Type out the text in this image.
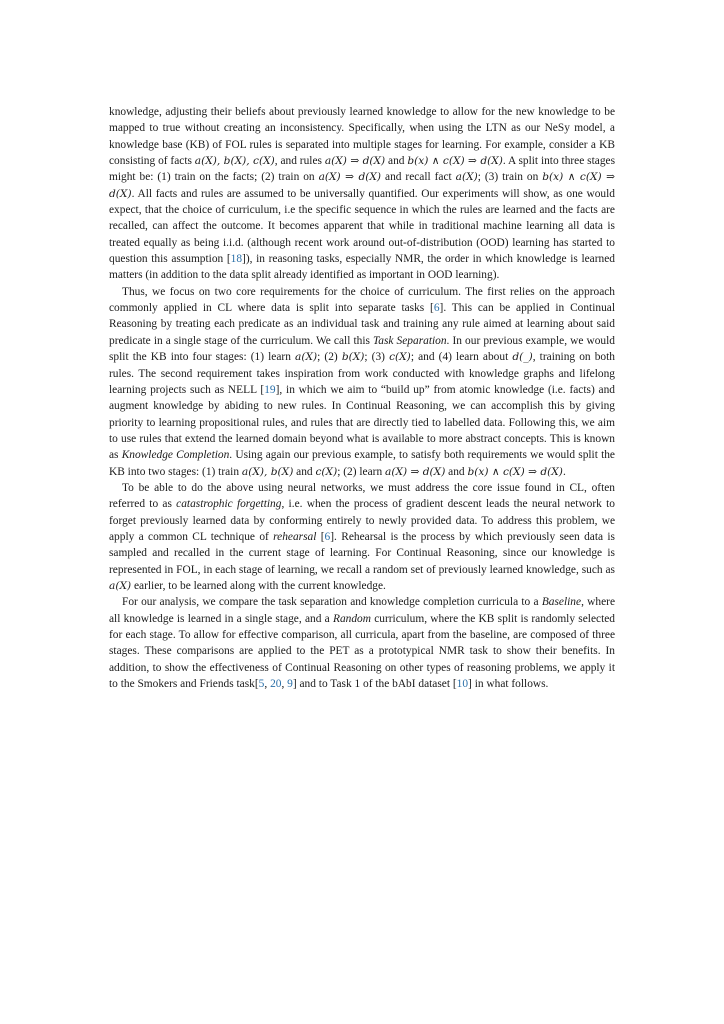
knowledge, adjusting their beliefs about previously learned knowledge to allow for the new knowledge to be mapped to true without creating an inconsistency. Specifically, when using the LTN as our NeSy model, a knowledge base (KB) of FOL rules is separated into multiple stages for learning. For example, consider a KB consisting of facts a(X), b(X), c(X), and rules a(X) ⇒ d(X) and b(x) ∧ c(X) ⇒ d(X). A split into three stages might be: (1) train on the facts; (2) train on a(X) ⇒ d(X) and recall fact a(X); (3) train on b(x) ∧ c(X) ⇒ d(X). All facts and rules are assumed to be universally quantified. Our experiments will show, as one would expect, that the choice of curriculum, i.e the specific sequence in which the rules are learned and the facts are recalled, can affect the outcome. It becomes apparent that while in traditional machine learning all data is treated equally as being i.i.d. (although recent work around out-of-distribution (OOD) learning has started to question this assumption [18]), in reasoning tasks, especially NMR, the order in which knowledge is learned matters (in addition to the data split already identified as important in OOD learning).

Thus, we focus on two core requirements for the choice of curriculum. The first relies on the approach commonly applied in CL where data is split into separate tasks [6]. This can be applied in Continual Reasoning by treating each predicate as an individual task and training any rule aimed at learning about said predicate in a single stage of the curriculum. We call this Task Separation. In our previous example, we would split the KB into four stages: (1) learn a(X); (2) b(X); (3) c(X); and (4) learn about d(_), training on both rules. The second requirement takes inspiration from work conducted with knowledge graphs and lifelong learning projects such as NELL [19], in which we aim to “build up” from atomic knowledge (i.e. facts) and augment knowledge by abiding to new rules. In Continual Reasoning, we can accomplish this by giving priority to learning propositional rules, and rules that are directly tied to labelled data. Following this, we aim to use rules that extend the learned domain beyond what is available to more abstract concepts. This is known as Knowledge Completion. Using again our previous example, to satisfy both requirements we would split the KB into two stages: (1) train a(X), b(X) and c(X); (2) learn a(X) ⇒ d(X) and b(x) ∧ c(X) ⇒ d(X).

To be able to do the above using neural networks, we must address the core issue found in CL, often referred to as catastrophic forgetting, i.e. when the process of gradient descent leads the neural network to forget previously learned data by conforming entirely to newly provided data. To address this problem, we apply a common CL technique of rehearsal [6]. Rehearsal is the process by which previously seen data is sampled and recalled in the current stage of learning. For Continual Reasoning, since our knowledge is represented in FOL, in each stage of learning, we recall a random set of previously learned knowledge, such as a(X) earlier, to be learned along with the current knowledge.

For our analysis, we compare the task separation and knowledge completion curricula to a Baseline, where all knowledge is learned in a single stage, and a Random curriculum, where the KB split is randomly selected for each stage. To allow for effective comparison, all curricula, apart from the baseline, are composed of three stages. These comparisons are applied to the PET as a prototypical NMR task to show their benefits. In addition, to show the effectiveness of Continual Reasoning on other types of reasoning problems, we apply it to the Smokers and Friends task[5, 20, 9] and to Task 1 of the bAbI dataset [10] in what follows.
